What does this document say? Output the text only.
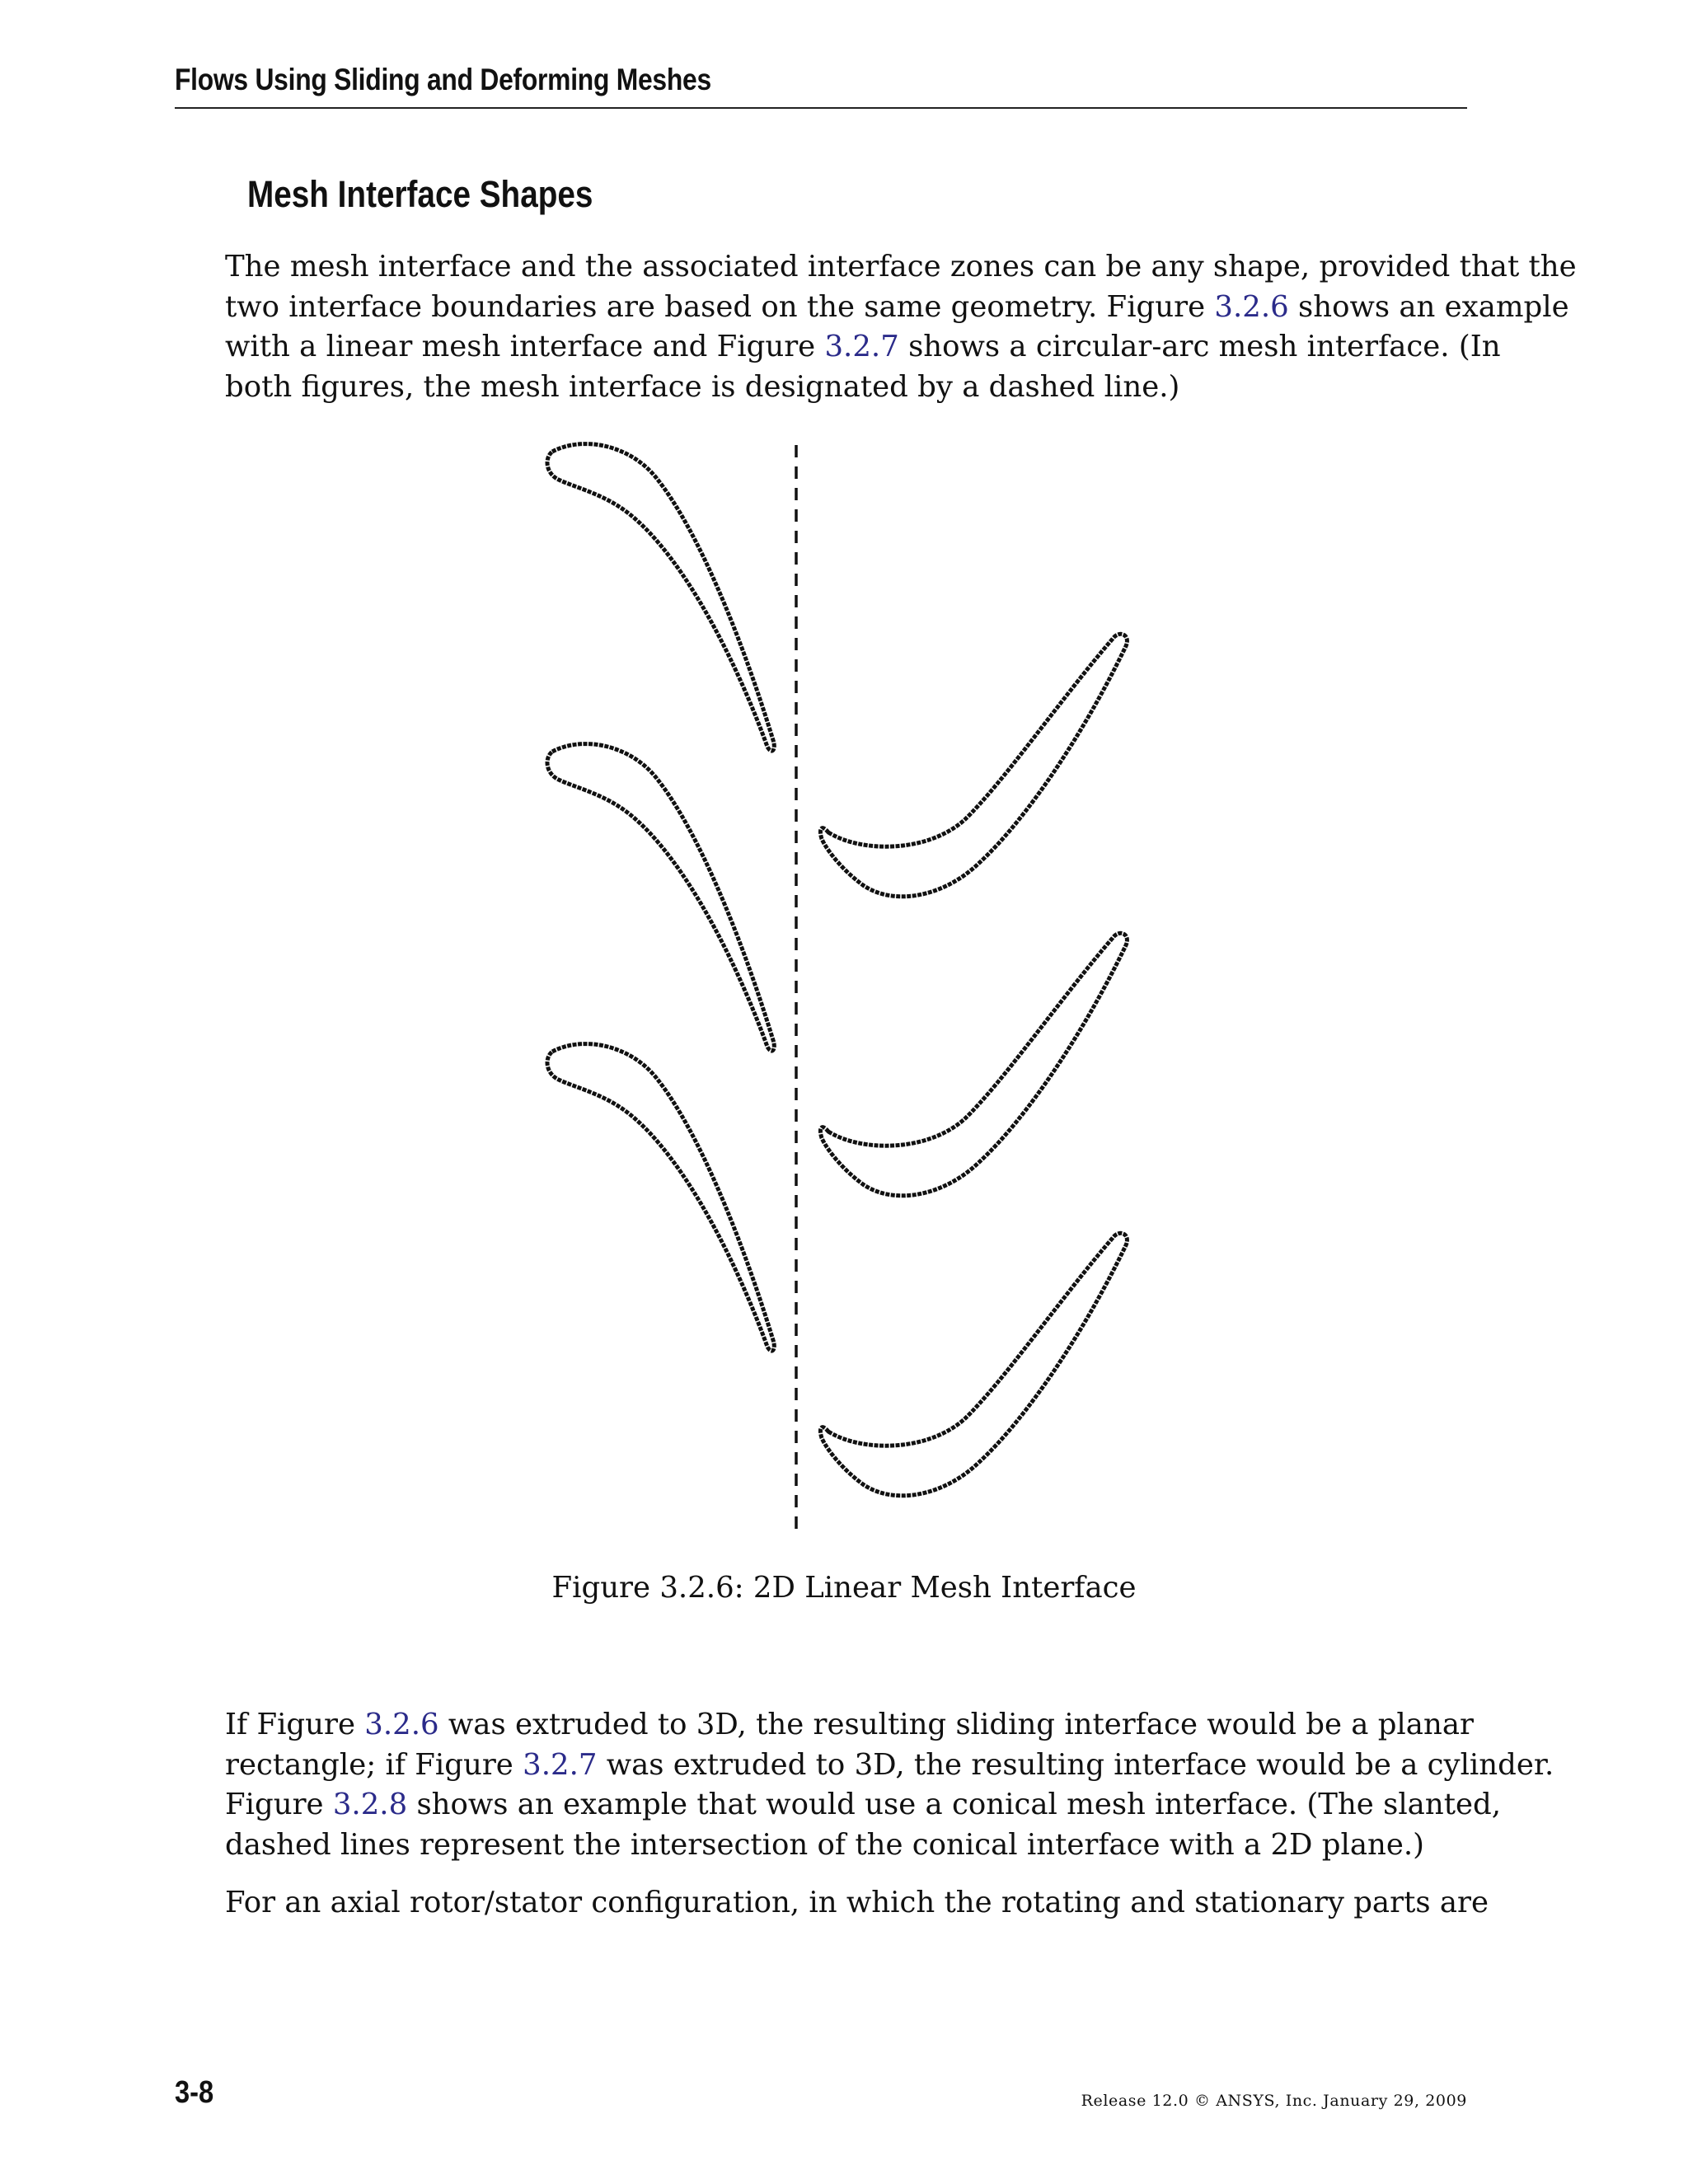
Flows Using Sliding and Deforming Meshes
Mesh Interface Shapes
The mesh interface and the associated interface zones can be any shape, provided that the
two interface boundaries are based on the same geometry. Figure 3.2.6 shows an example
with a linear mesh interface and Figure 3.2.7 shows a circular-arc mesh interface. (In
both figures, the mesh interface is designated by a dashed line.)
Figure 3.2.6: 2D Linear Mesh Interface
If Figure 3.2.6 was extruded to 3D, the resulting sliding interface would be a planar
rectangle; if Figure 3.2.7 was extruded to 3D, the resulting interface would be a cylinder.
Figure 3.2.8 shows an example that would use a conical mesh interface. (The slanted,
dashed lines represent the intersection of the conical interface with a 2D plane.)
For an axial rotor/stator configuration, in which the rotating and stationary parts are
3-8	Release 12.0 © ANSYS, Inc. January 29, 2009
